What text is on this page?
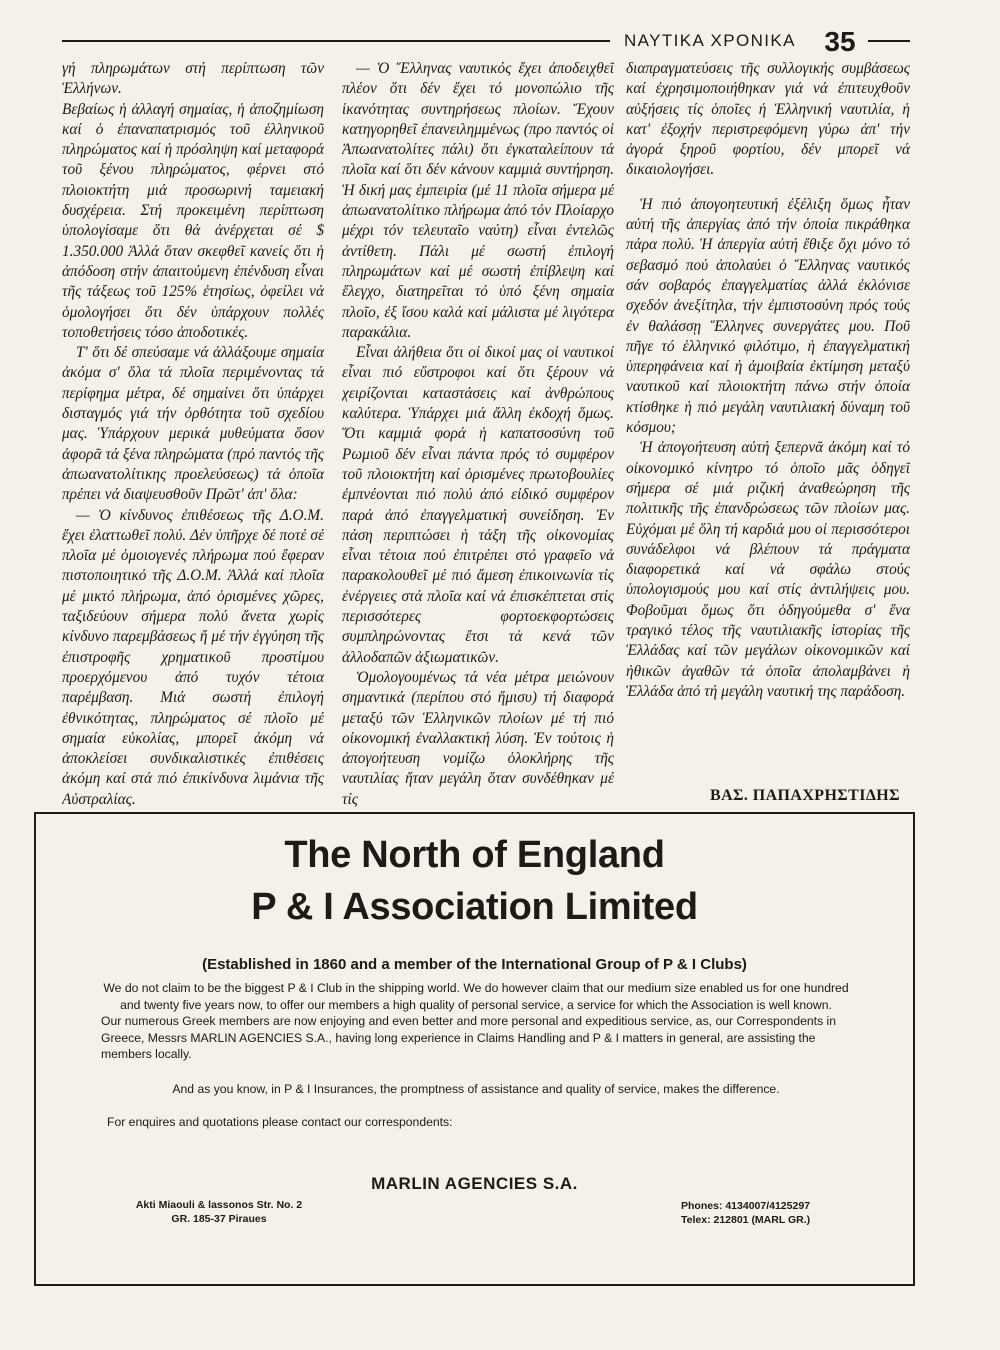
ΝΑΥΤΙΚΑ ΧΡΟΝΙΚΑ	35

γή πληρωμάτων στή περίπτωση τῶν Ἑλλήνων.

Βεβαίως ἡ ἀλλαγή σημαίας, ἡ ἀποζημίωση καί ὁ ἐπαναπατρισμός τοῦ ἑλληνικοῦ πληρώματος καί ἡ πρόσληψη καί μεταφορά τοῦ ξένου πληρώματος, φέρνει στό πλοιοκτήτη μιά προσωρινή ταμειακή δυσχέρεια. Στή προκειμένη περίπτωση ὑπολογίσαμε ὅτι θά ἀνέρχεται σέ $ 1.350.000 Ἀλλά ὅταν σκεφθεῖ κανείς ὅτι ἡ ἀπόδοση στήν ἀπαιτούμενη ἐπένδυση εἶναι τῆς τάξεως τοῦ 125% ἐτησίως, ὀφείλει νά ὁμολογήσει ὅτι δέν ὑπάρχουν πολλές τοποθετήσεις τόσο ἀποδοτικές.

Τ' ὅτι δέ σπεύσαμε νά ἀλλάξουμε σημαία ἀκόμα σ' ὅλα τά πλοῖα περιμένοντας τά περίφημα μέτρα, δέ σημαίνει ὅτι ὑπάρχει δισταγμός γιά τήν ὀρθότητα τοῦ σχεδίου μας. Ὑπάρχουν μερικά μυθεύματα ὅσον ἀφορᾶ τά ξένα πληρώματα (πρό παντός τῆς ἀπωανατολίτικης προελεύσεως) τά ὁποῖα πρέπει νά διαψευσθοῦν Πρῶτ' ἀπ' ὅλα:

— Ὁ κίνδυνος ἐπιθέσεως τῆς Δ.Ο.Μ. ἔχει ἐλαττωθεῖ πολύ. Δέν ὑπῆρχε δέ ποτέ σέ πλοῖα μέ ὁμοιογενές πλήρωμα πού ἔφεραν πιστοποιητικό τῆς Δ.Ο.Μ. Ἀλλά καί πλοῖα μέ μικτό πλήρωμα, ἀπό ὁρισμένες χῶρες, ταξιδεύουν σήμερα πολύ ἄνετα χωρίς κίνδυνο παρεμβάσεως ἤ μέ τήν ἐγγύηση τῆς ἐπιστροφῆς χρηματικοῦ προστίμου προερχόμενου ἀπό τυχόν τέτοια παρέμβαση. Μιά σωστή ἐπιλογή ἐθνικότητας, πληρώματος σέ πλοῖο μέ σημαία εὐκολίας, μπορεῖ ἀκόμη νά ἀποκλείσει συνδικαλιστικές ἐπιθέσεις ἀκόμη καί στά πιό ἐπικίνδυνα λιμάνια τῆς Αὐστραλίας.

— Ὁ Ἕλληνας ναυτικός ἔχει ἀποδειχθεῖ πλέον ὅτι δέν ἔχει τό μονοπώλιο τῆς ἱκανότητας συντηρήσεως πλοίων. Ἔχουν κατηγορηθεῖ ἐπανειλημμένως (προ παντός οἱ Ἀπωανατολίτες πάλι) ὅτι ἐγκαταλείπουν τά πλοῖα καί ὅτι δέν κάνουν καμμιά συντήρηση. Ἡ δική μας ἐμπειρία (μέ 11 πλοῖα σήμερα μέ ἀπωανατολίτικο πλήρωμα ἀπό τόν Πλοίαρχο μέχρι τόν τελευταῖο ναύτη) εἶναι ἐντελῶς ἀντίθετη. Πάλι μέ σωστή ἐπιλογή πληρωμάτων καί μέ σωστή ἐπίβλεψη καί ἔλεγχο, διατηρεῖται τό ὑπό ξένη σημαία πλοῖο, ἐξ ἴσου καλά καί μάλιστα μέ λιγότερα παρακάλια.

Εἶναι ἀλήθεια ὅτι οἱ δικοί μας οἱ ναυτικοί εἶναι πιό εὔστροφοι καί ὅτι ξέρουν νά χειρίζονται καταστάσεις καί ἀνθρώπους καλύτερα. Ὑπάρχει μιά ἄλλη ἐκδοχή ὅμως. Ὅτι καμμιά φορά ἡ καπατσοσύνη τοῦ Ρωμιοῦ δέν εἶναι πάντα πρός τό συμφέρον τοῦ πλοιοκτήτη καί ὁρισμένες πρωτοβουλίες ἐμπνέονται πιό πολύ ἀπό εἰδικό συμφέρον παρά ἀπό ἐπαγγελματική συνείδηση. Ἐν πάση περιπτώσει ἡ τάξη τῆς οἰκονομίας εἶναι τέτοια πού ἐπιτρέπει στό γραφεῖο νά παρακολουθεῖ μέ πιό ἄμεση ἐπικοινωνία τίς ἐνέργειες στά πλοῖα καί νά ἐπισκέπτεται στίς περισσότερες φορτοεκφορτώσεις συμπληρώνοντας ἔτσι τά κενά τῶν ἀλλοδαπῶν ἀξιωματικῶν.

Ὁμολογουμένως τά νέα μέτρα μειώνουν σημαντικά (περίπου στό ἥμισυ) τή διαφορά μεταξύ τῶν Ἑλληνικῶν πλοίων μέ τή πιό οἰκονομική ἐναλλακτική λύση. Ἐν τούτοις ἡ ἀπογοήτευση νομίζω ὁλοκλήρης τῆς ναυτιλίας ἤταν μεγάλη ὅταν συνδέθηκαν μέ τίς

διαπραγματεύσεις τῆς συλλογικής συμβάσεως καί ἐχρησιμοποιήθηκαν γιά νά ἐπιτευχθοῦν αὐξήσεις τίς ὁποῖες ἡ Ἑλληνική ναυτιλία, ἡ κατ' ἐξοχήν περιστρεφόμενη γύρω ἀπ' τήν ἀγορά ξηροῦ φορτίου, δέν μπορεῖ νά δικαιολογήσει.

Ἡ πιό ἀπογοητευτική ἐξέλιξη ὅμως ἦταν αὐτή τῆς ἀπεργίας ἀπό τήν ὁποία πικράθηκα πάρα πολύ. Ἡ ἀπεργία αὐτή ἔθιξε ὄχι μόνο τό σεβασμό πού ἀπολαύει ὁ Ἕλληνας ναυτικός σάν σοβαρός ἐπαγγελματίας ἀλλά ἐκλόνισε σχεδόν ἀνεξίτηλα, τήν ἐμπιστοσύνη πρός τούς ἐν θαλάσσῃ Ἕλληνες συνεργάτες μου. Ποῦ πῆγε τό ἑλληνικό φιλότιμο, ἡ ἐπαγγελματική ὑπερηφάνεια καί ἡ ἀμοιβαία ἐκτίμηση μεταξύ ναυτικοῦ καί πλοιοκτήτη πάνω στήν ὁποία κτίσθηκε ἡ πιό μεγάλη ναυτιλιακή δύναμη τοῦ κόσμου;

Ἡ ἀπογοήτευση αὐτή ξεπερνᾶ ἀκόμη καί τό οἰκονομικό κίνητρο τό ὁποῖο μᾶς ὁδηγεῖ σήμερα σέ μιά ριζική ἀναθεώρηση τῆς πολιτικῆς τῆς ἐπανδρώσεως τῶν πλοίων μας. Εὐχόμαι μέ ὅλη τή καρδιά μου οἱ περισσότεροι συνάδελφοι νά βλέπουν τά πράγματα διαφορετικά καί νά σφάλω στούς ὑπολογισμούς μου καί στίς ἀντιλήψεις μου. Φοβοῦμαι ὅμως ὅτι ὁδηγούμεθα σ' ἕνα τραγικό τέλος τῆς ναυτιλιακῆς ἱστορίας τῆς Ἑλλάδας καί τῶν μεγάλων οἰκονομικῶν καί ἠθικῶν ἀγαθῶν τά ὁποῖα ἀπολαμβάνει ἡ Ἑλλάδα ἀπό τή μεγάλη ναυτική της παράδοση.

ΒΑΣ. ΠΑΠΑΧΡΗΣΤΙΔΗΣ
The North of England
P & I Association Limited
(Established in 1860 and a member of the International Group of P & I Clubs)

We do not claim to be the biggest P & I Club in the shipping world. We do however claim that our medium size enabled us for one hundred and twenty five years now, to offer our members a high quality of personal service, a service for which the Association is well known.

Our numerous Greek members are now enjoying and even better and more personal and expeditious service, as, our Correspondents in Greece, Messrs MARLIN AGENCIES S.A., having long experience in Claims Handling and P & I matters in general, are assisting the members locally.

And as you know, in P & I Insurances, the promptness of assistance and quality of service, makes the difference.

For enquires and quotations please contact our correspondents:

MARLIN AGENCIES S.A.
Akti Miaouli & lassonos Str. No. 2
GR. 185-37 Piraues
Phones: 4134007/4125297
Telex: 212801 (MARL GR.)
